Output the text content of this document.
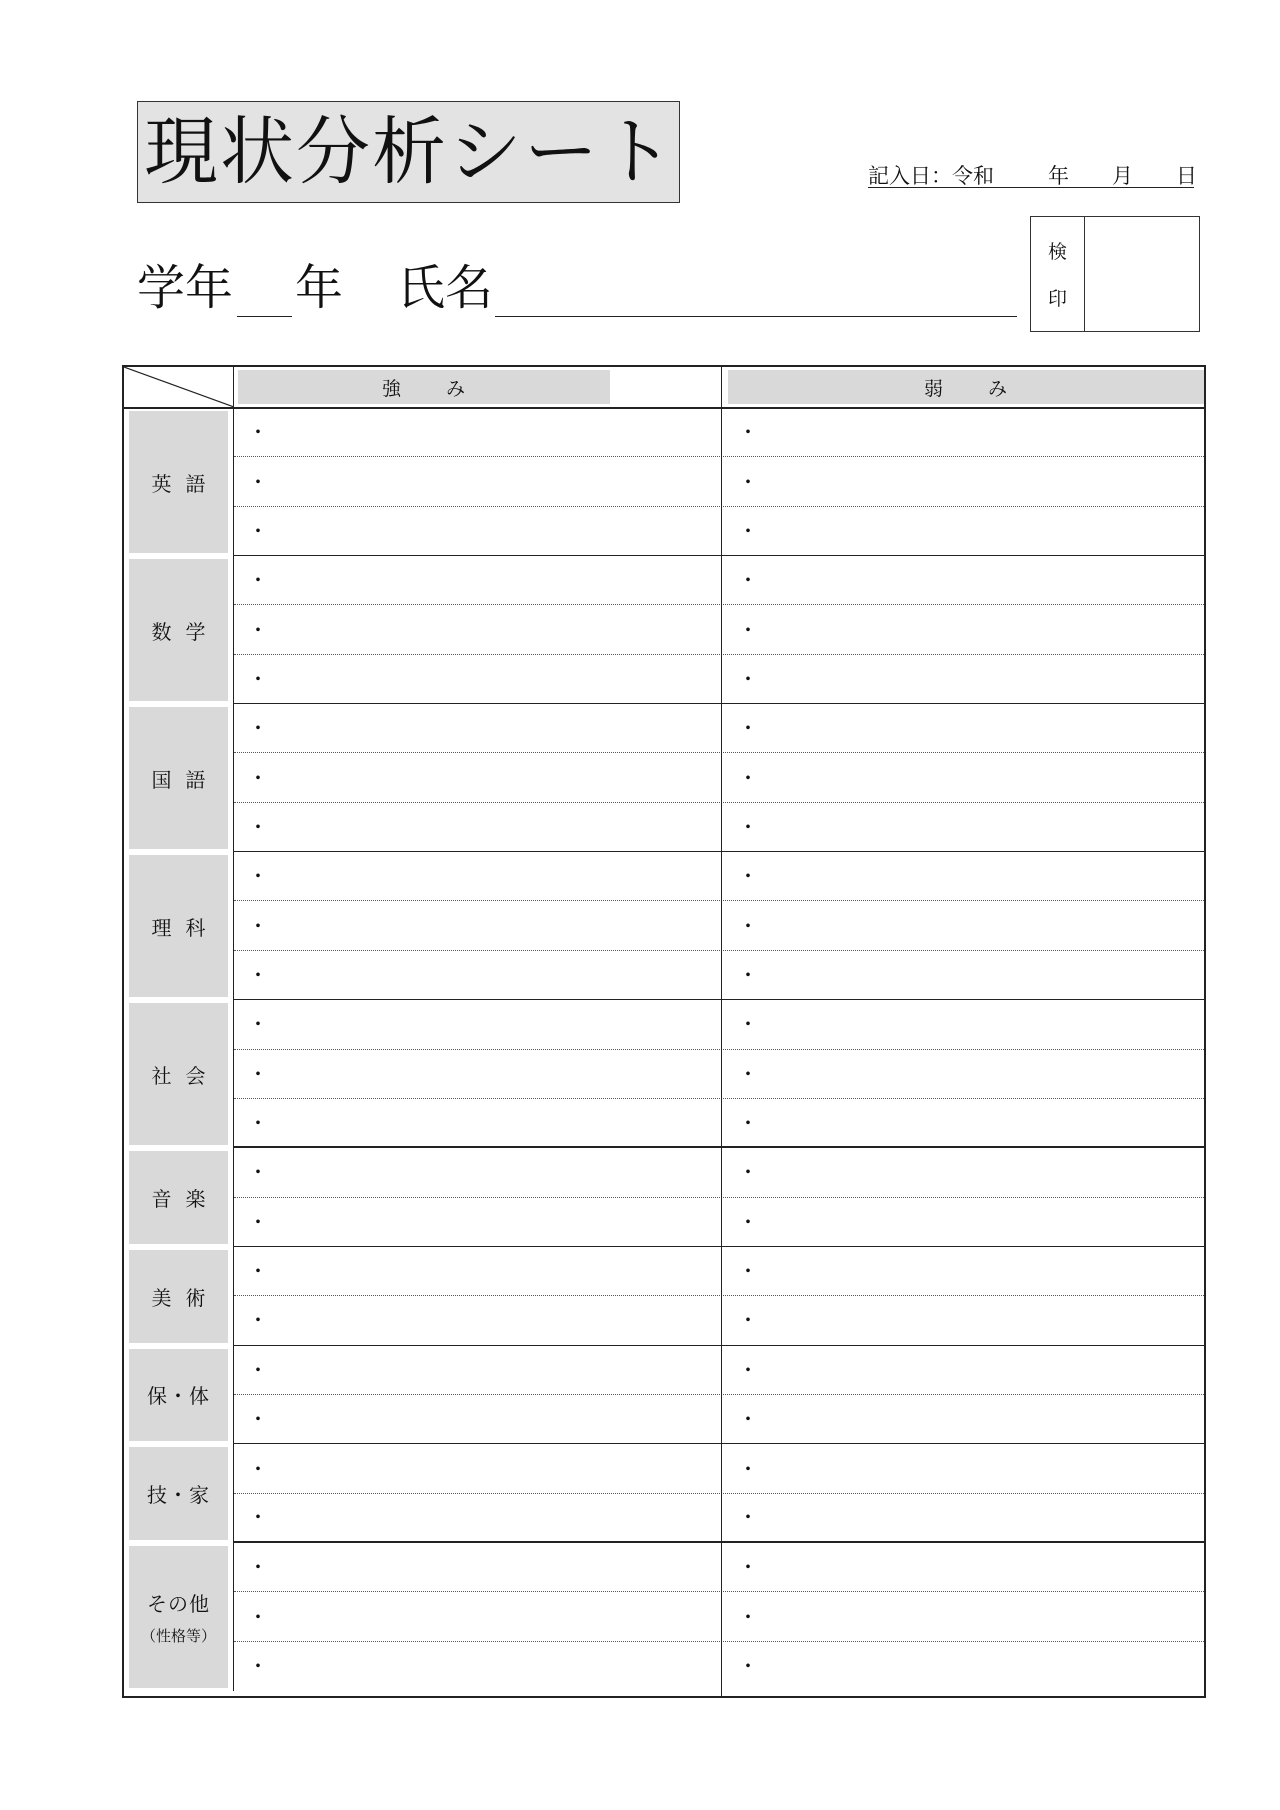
現状分析シート	記入日：令和	年 月 日
検
印
学年 年 氏名
強 み	弱 み
英語
・	・
・	・
・	・
数学
・	・
・	・
・	・
国語
・	・
・	・
・	・
理科
・	・
・	・
・	・
社会
・	・
・	・
・	・
音楽
・	・
・	・
美術
・	・
・	・
保・体
・	・
・	・
技・家
・	・
・	・
その他
（性格等）
・	・
・	・
・	・
